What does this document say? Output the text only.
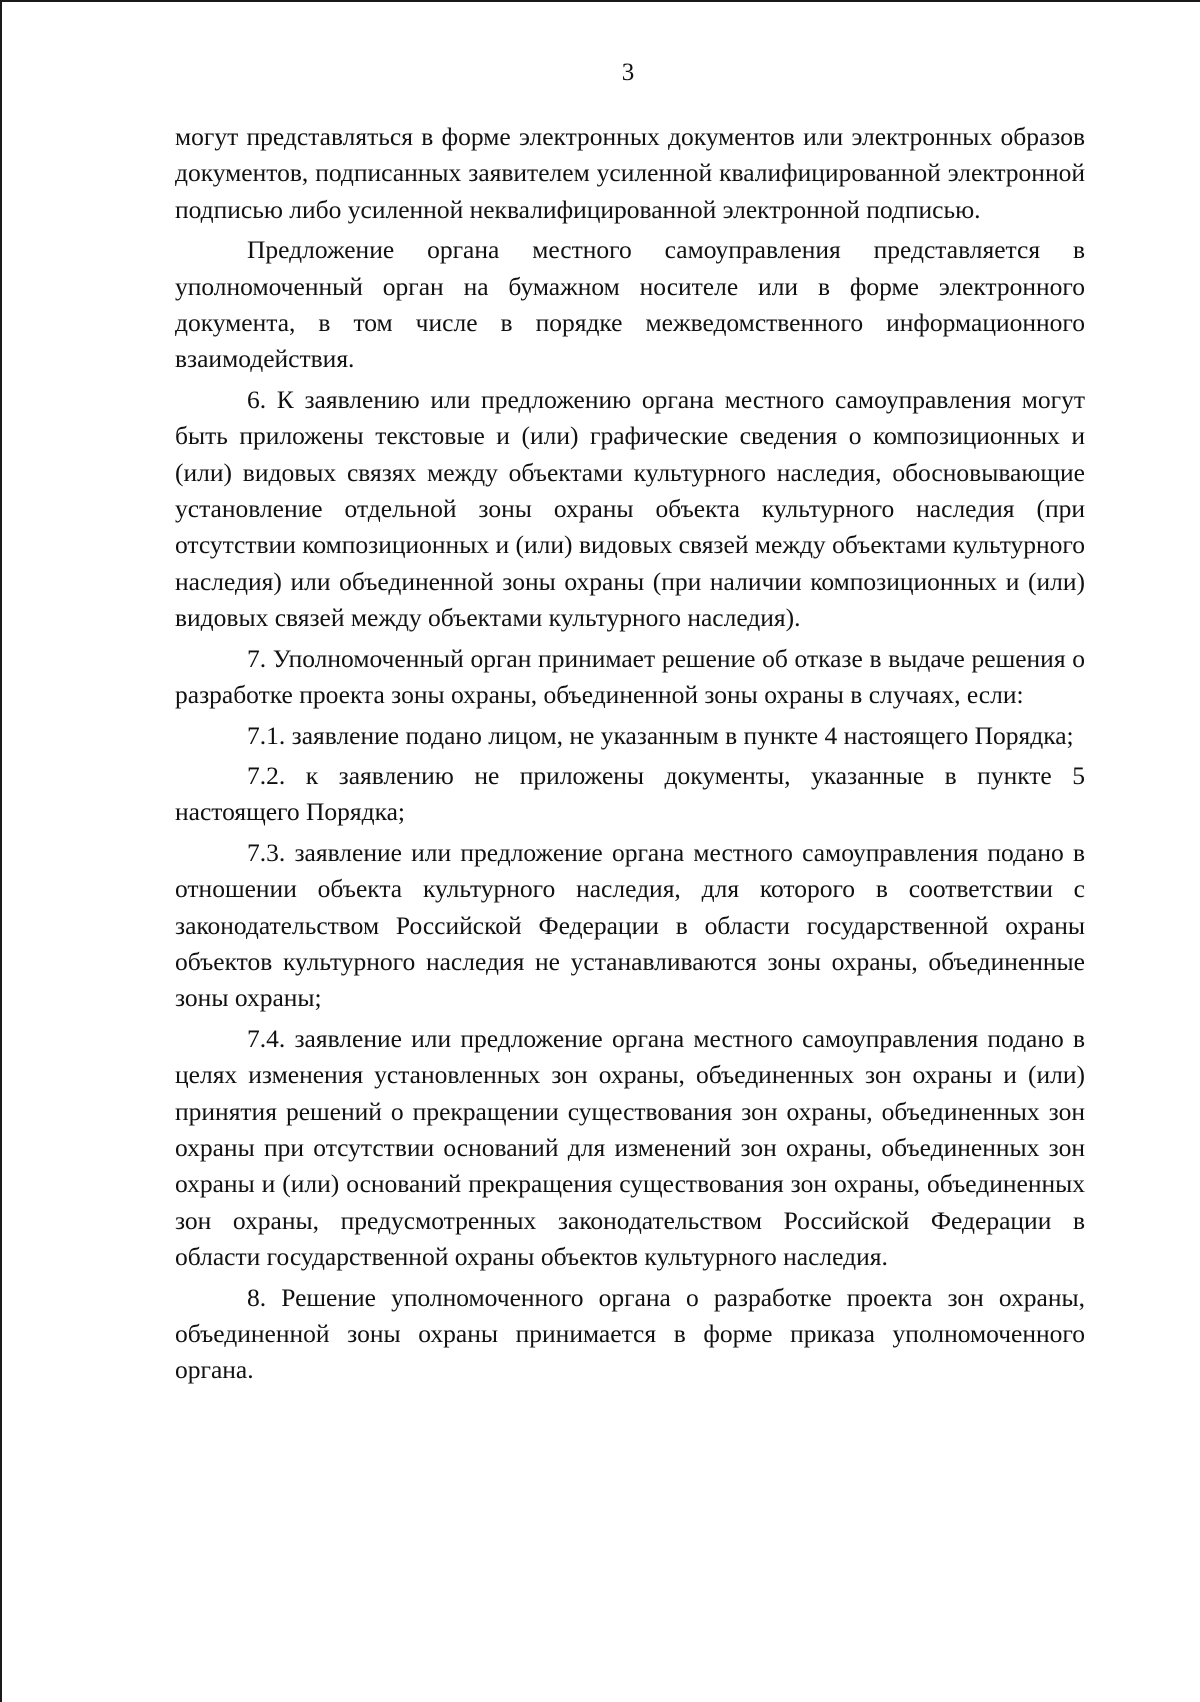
3

могут представляться в форме электронных документов или электронных образов документов, подписанных заявителем усиленной квалифицированной электронной подписью либо усиленной неквалифицированной электронной подписью.

Предложение органа местного самоуправления представляется в уполномоченный орган на бумажном носителе или в форме электронного документа, в том числе в порядке межведомственного информационного взаимодействия.

6. К заявлению или предложению органа местного самоуправления могут быть приложены текстовые и (или) графические сведения о композиционных и (или) видовых связях между объектами культурного наследия, обосновывающие установление отдельной зоны охраны объекта культурного наследия (при отсутствии композиционных и (или) видовых связей между объектами культурного наследия) или объединенной зоны охраны (при наличии композиционных и (или) видовых связей между объектами культурного наследия).

7. Уполномоченный орган принимает решение об отказе в выдаче решения о разработке проекта зоны охраны, объединенной зоны охраны в случаях, если:

7.1. заявление подано лицом, не указанным в пункте 4 настоящего Порядка;

7.2. к заявлению не приложены документы, указанные в пункте 5 настоящего Порядка;

7.3. заявление или предложение органа местного самоуправления подано в отношении объекта культурного наследия, для которого в соответствии с законодательством Российской Федерации в области государственной охраны объектов культурного наследия не устанавливаются зоны охраны, объединенные зоны охраны;

7.4. заявление или предложение органа местного самоуправления подано в целях изменения установленных зон охраны, объединенных зон охраны и (или) принятия решений о прекращении существования зон охраны, объединенных зон охраны при отсутствии оснований для изменений зон охраны, объединенных зон охраны и (или) оснований прекращения существования зон охраны, объединенных зон охраны, предусмотренных законодательством Российской Федерации в области государственной охраны объектов культурного наследия.

8. Решение уполномоченного органа о разработке проекта зон охраны, объединенной зоны охраны принимается в форме приказа уполномоченного органа.
